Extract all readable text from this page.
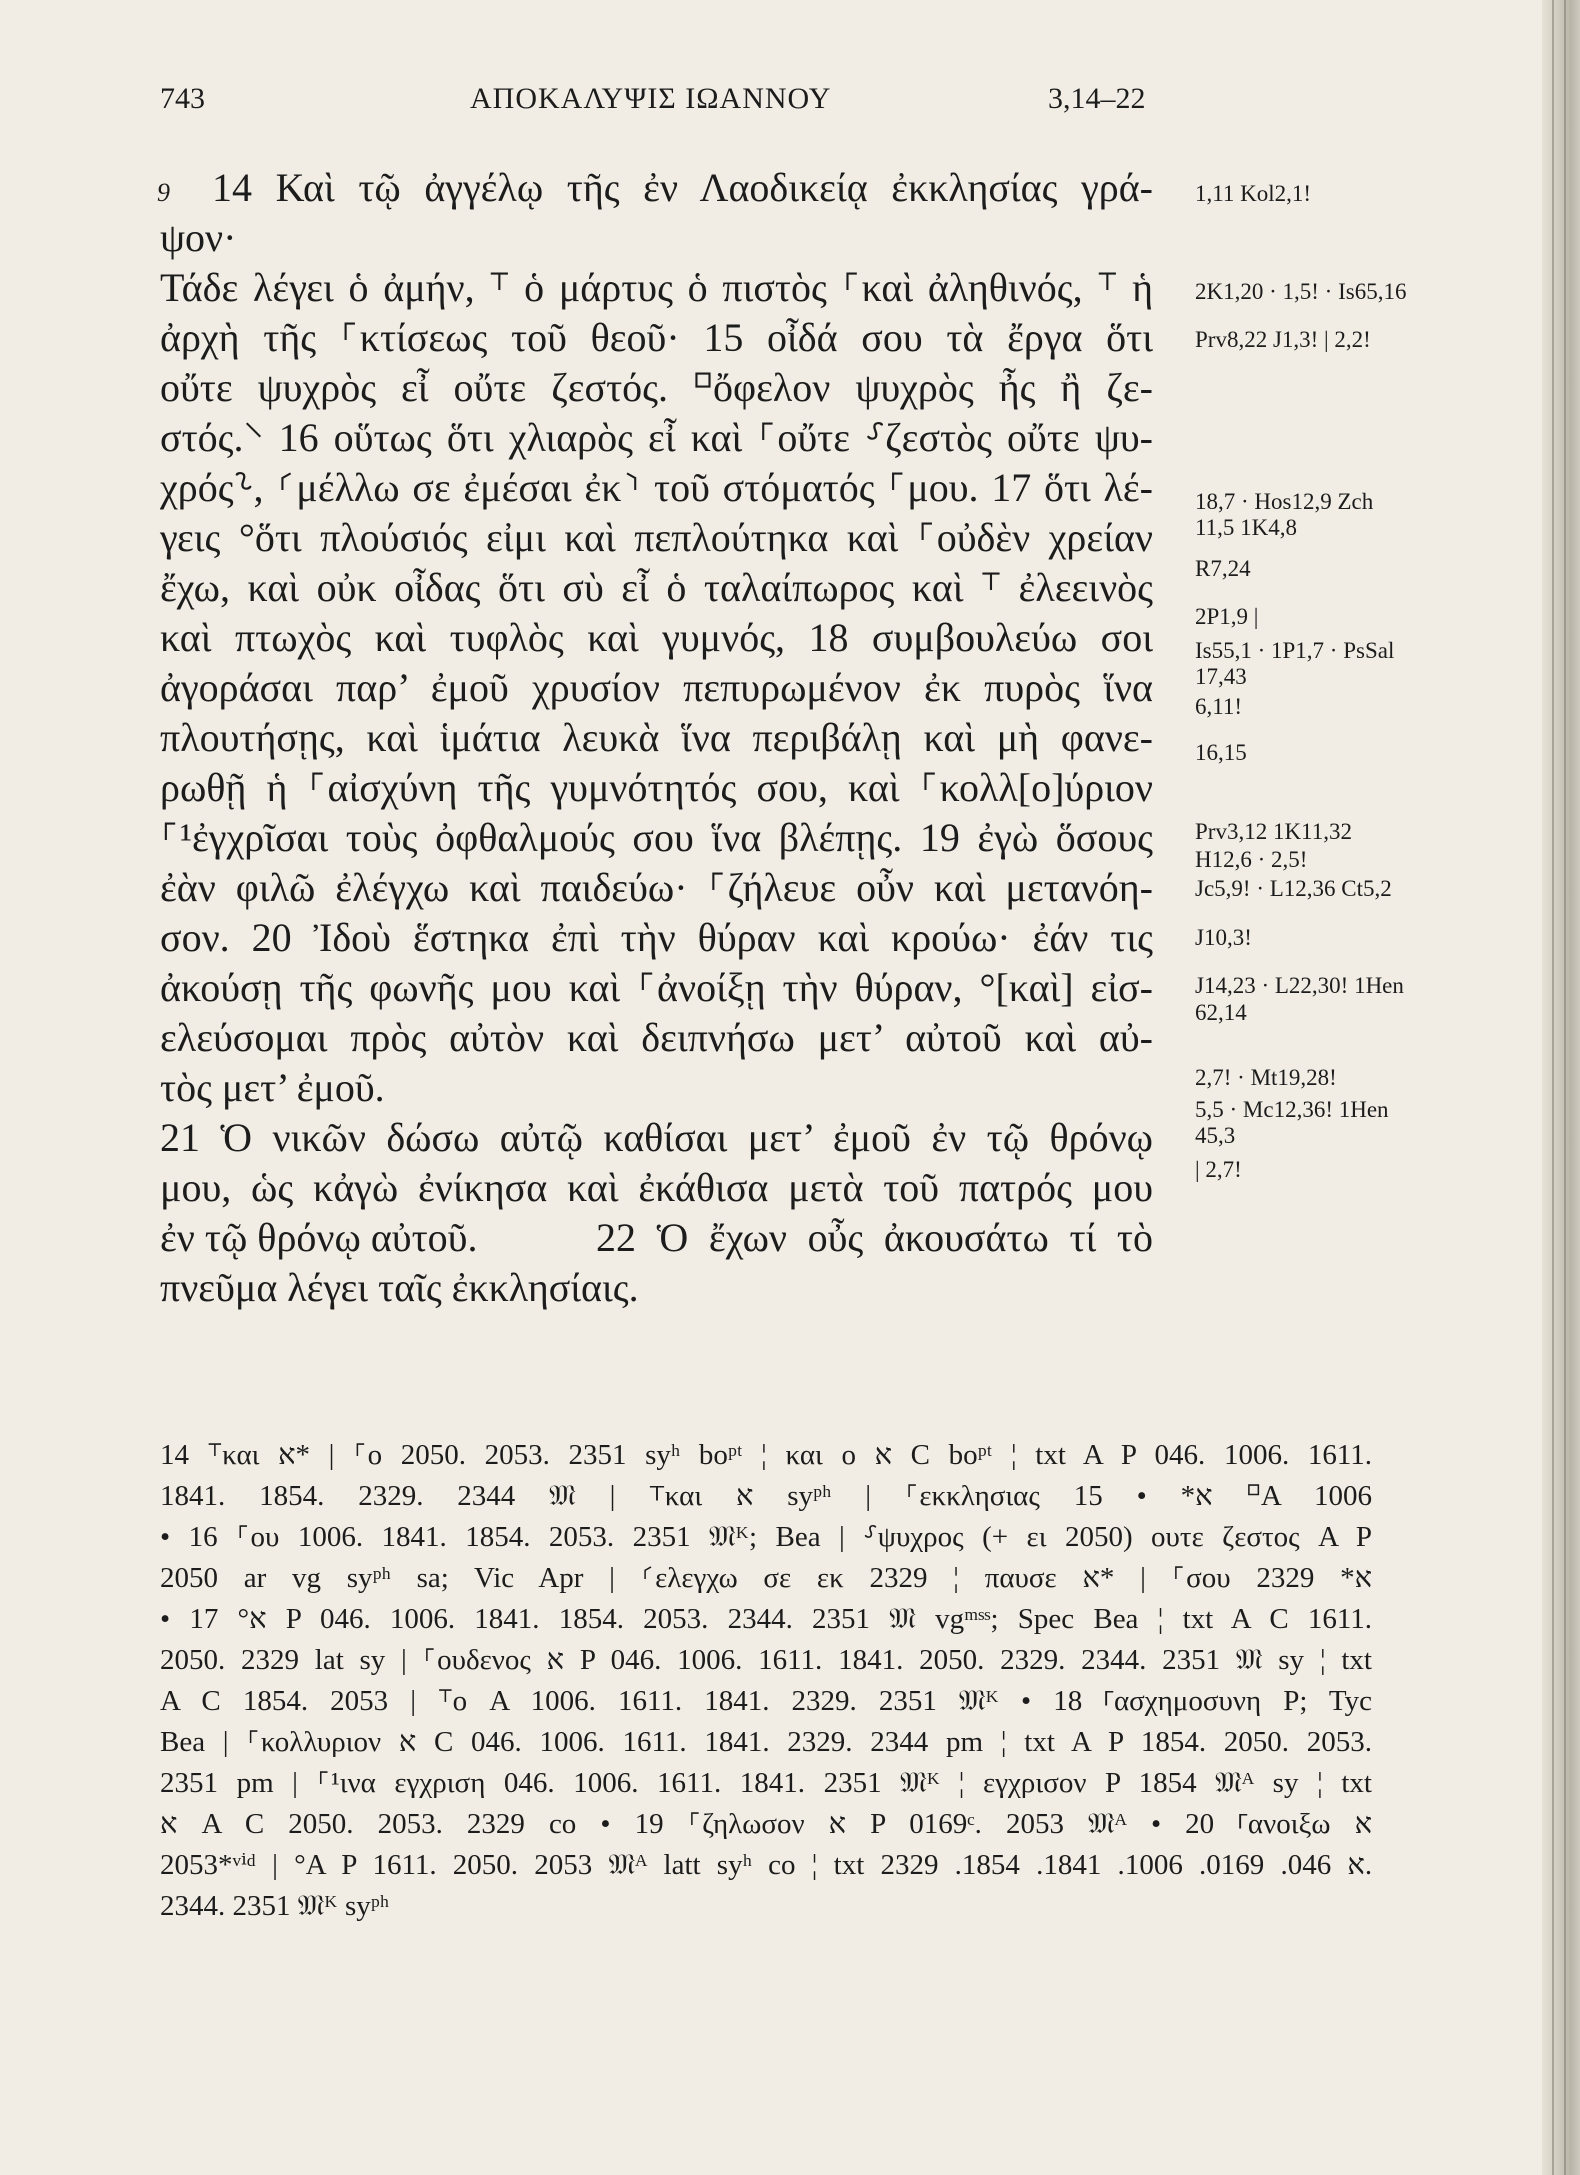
743	ΑΠΟΚΑΛΥΨΙΣ ΙΩΑΝΝΟΥ	3,14–22
9 14 Καὶ τῷ ἀγγέλῳ τῆς ἐν Λαοδικείᾳ ἐκκλησίας γρά-
ψον·
Τάδε λέγει ὁ ἀμήν, ⸆ ὁ μάρτυς ὁ πιστὸς ⸀καὶ ἀληθινός, ⸆ ἡ
ἀρχὴ τῆς ⸀κτίσεως τοῦ θεοῦ· 15 οἶδά σου τὰ ἔργα ὅτι
οὔτε ψυχρὸς εἶ οὔτε ζεστός. ⸋ὄφελον ψυχρὸς ἦς ἢ ζε-
στός.⸌ 16 οὕτως ὅτι χλιαρὸς εἶ καὶ ⸀οὔτε ⸉ζεστὸς οὔτε ψυ-
χρός⸊, ⸂μέλλω σε ἐμέσαι ἐκ⸃ τοῦ στόματός ⸀μου. 17 ὅτι λέ-
γεις °ὅτι πλούσιός εἰμι καὶ πεπλούτηκα καὶ ⸀οὐδὲν χρείαν
ἔχω, καὶ οὐκ οἶδας ὅτι σὺ εἶ ὁ ταλαίπωρος καὶ ⸆ ἐλεεινὸς
καὶ πτωχὸς καὶ τυφλὸς καὶ γυμνός, 18 συμβουλεύω σοι
ἀγοράσαι παρ’ ἐμοῦ χρυσίον πεπυρωμένον ἐκ πυρὸς ἵνα
πλουτήσῃς, καὶ ἱμάτια λευκὰ ἵνα περιβάλῃ καὶ μὴ φανε-
ρωθῇ ἡ ⸀αἰσχύνη τῆς γυμνότητός σου, καὶ ⸀κολλ[ο]ύριον
⸀¹ἐγχρῖσαι τοὺς ὀφθαλμούς σου ἵνα βλέπῃς. 19 ἐγὼ ὅσους
ἐὰν φιλῶ ἐλέγχω καὶ παιδεύω· ⸀ζήλευε οὖν καὶ μετανόη-
σον. 20 Ἰδοὺ ἕστηκα ἐπὶ τὴν θύραν καὶ κρούω· ἐάν τις
ἀκούσῃ τῆς φωνῆς μου καὶ ⸀ἀνοίξῃ τὴν θύραν, °[καὶ] εἰσ-
ελεύσομαι πρὸς αὐτὸν καὶ δειπνήσω μετ’ αὐτοῦ καὶ αὐ-
τὸς μετ’ ἐμοῦ.
21 Ὁ νικῶν δώσω αὐτῷ καθίσαι μετ’ ἐμοῦ ἐν τῷ θρόνῳ
μου, ὡς κἀγὼ ἐνίκησα καὶ ἐκάθισα μετὰ τοῦ πατρός μου
ἐν τῷ θρόνῳ αὐτοῦ.	22 Ὁ ἔχων οὖς ἀκουσάτω τί τὸ
πνεῦμα λέγει ταῖς ἐκκλησίαις.
1,11 Kol2,1!
2K1,20 · 1,5! · Is65,16
Prv8,22 J1,3! | 2,2!
18,7 · Hos12,9 Zch
11,5 1K4,8
R7,24
2P1,9 |
Is55,1 · 1P1,7 · PsSal
17,43
6,11!
16,15
Prv3,12 1K11,32
H12,6 · 2,5!
Jc5,9! · L12,36 Ct5,2
J10,3!
J14,23 · L22,30! 1Hen
62,14
2,7! · Mt19,28!
5,5 · Mc12,36! 1Hen
45,3
| 2,7!
14 ⸆και א* | ⸀ο 2050. 2053. 2351 syʰ boᵖᵗ ¦ και ο א C boᵖᵗ ¦ txt A P 046. 1006. 1611.
1841. 1854. 2329. 2344 𝔐 | ⸆και א syᵖʰ | ⸀εκκλησιας א* • 15 ⸋A 1006
• 16 ⸀ου 1006. 1841. 1854. 2053. 2351 𝔐ᴷ; Bea | ⸉ψυχρος (+ ει 2050) ουτε ζεστος A P
2050 ar vg syᵖʰ sa; Vic Apr | ⸂ελεγχω σε εκ 2329 ¦ παυσε א* | ⸀σου א* 2329
• 17 °א P 046. 1006. 1841. 1854. 2053. 2344. 2351 𝔐 vgᵐˢˢ; Spec Bea ¦ txt A C 1611.
2050. 2329 lat sy | ⸀ουδενος א P 046. 1006. 1611. 1841. 2050. 2329. 2344. 2351 𝔐 sy ¦ txt
A C 1854. 2053 | ⸆ο A 1006. 1611. 1841. 2329. 2351 𝔐ᴷ • 18 ⸀ασχημοσυνη P; Tyc
Bea | ⸀κολλυριον א C 046. 1006. 1611. 1841. 2329. 2344 pm ¦ txt A P 1854. 2050. 2053.
2351 pm | ⸀¹ινα εγχριση 046. 1006. 1611. 1841. 2351 𝔐ᴷ ¦ εγχρισον P 1854 𝔐ᴬ sy ¦ txt
א A C 2050. 2053. 2329 co • 19 ⸀ζηλωσον א P 0169ᶜ. 2053 𝔐ᴬ • 20 ⸀ανοιξω א
2053*ᵛⁱᵈ | °A P 1611. 2050. 2053 𝔐ᴬ latt syʰ co ¦ txt א 046. 0169. 1006. 1841. 1854. 2329.
2344. 2351 𝔐ᴷ syᵖʰ
